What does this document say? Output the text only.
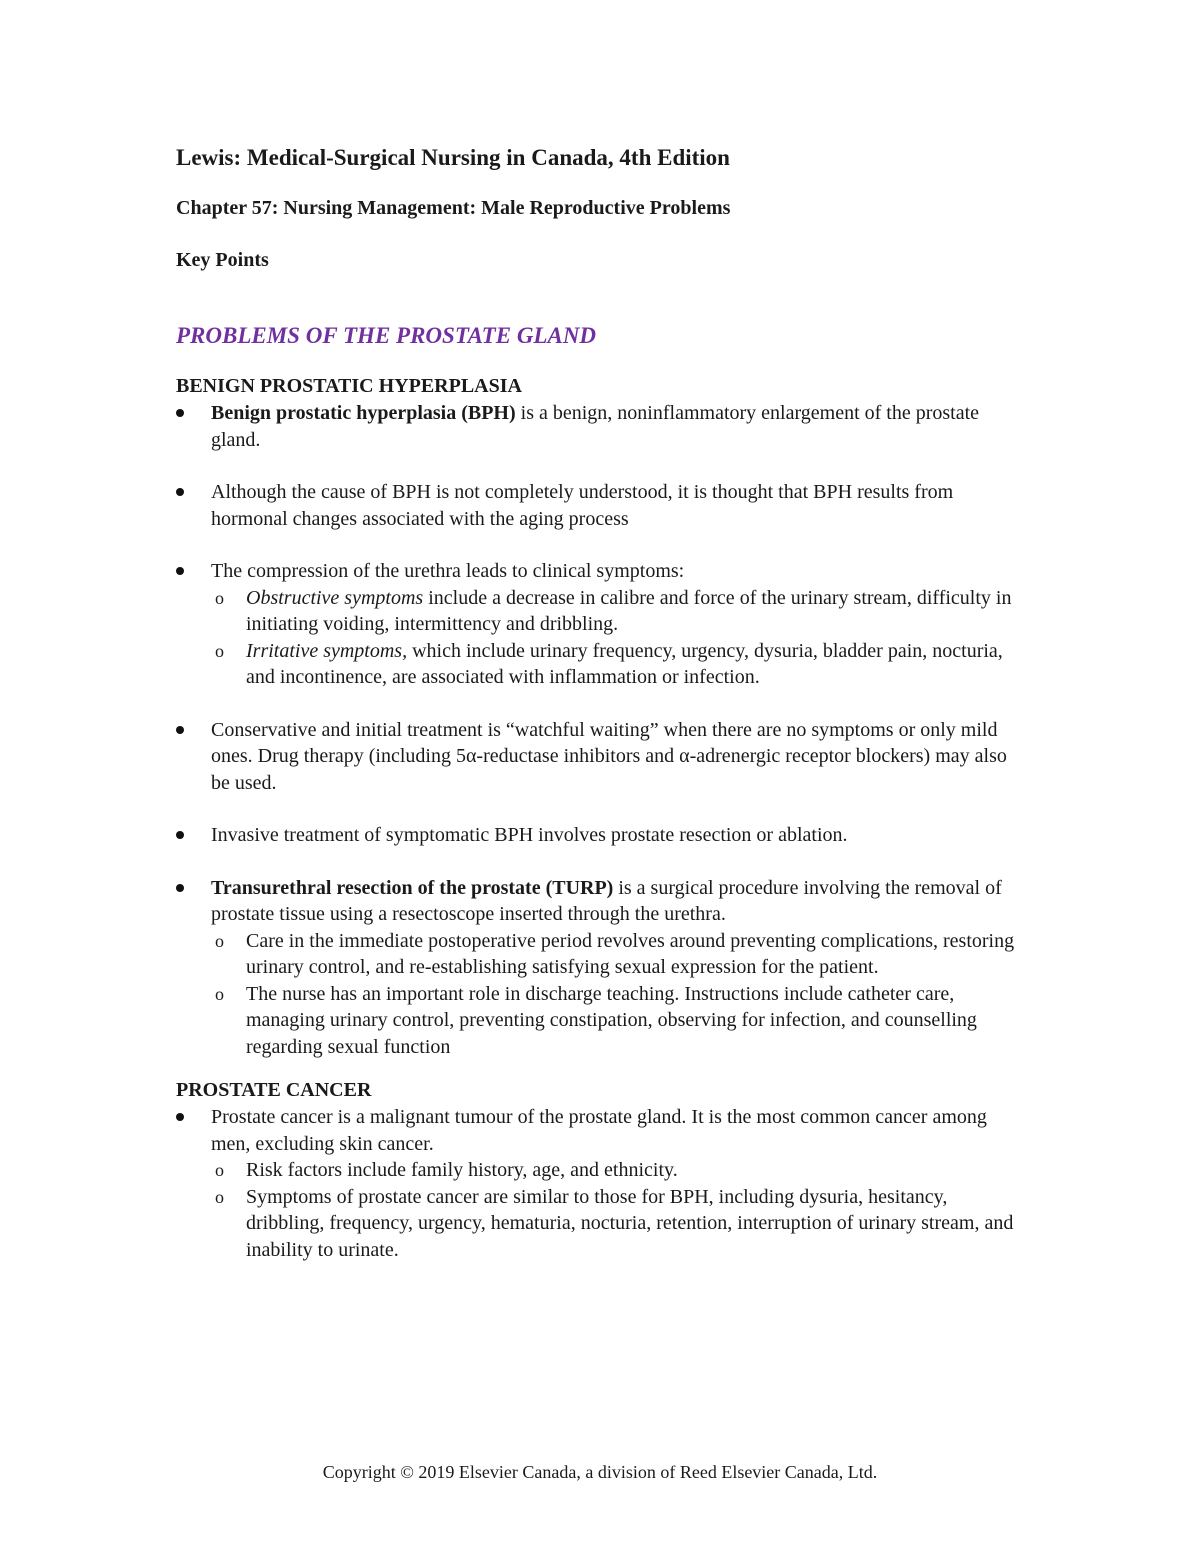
Lewis: Medical-Surgical Nursing in Canada, 4th Edition
Chapter 57: Nursing Management: Male Reproductive Problems
Key Points
PROBLEMS OF THE PROSTATE GLAND
BENIGN PROSTATIC HYPERPLASIA
Benign prostatic hyperplasia (BPH) is a benign, noninflammatory enlargement of the prostate gland.
Although the cause of BPH is not completely understood, it is thought that BPH results from hormonal changes associated with the aging process
The compression of the urethra leads to clinical symptoms:
o Obstructive symptoms include a decrease in calibre and force of the urinary stream, difficulty in initiating voiding, intermittency and dribbling.
o Irritative symptoms, which include urinary frequency, urgency, dysuria, bladder pain, nocturia, and incontinence, are associated with inflammation or infection.
Conservative and initial treatment is “watchful waiting” when there are no symptoms or only mild ones. Drug therapy (including 5α-reductase inhibitors and α-adrenergic receptor blockers) may also be used.
Invasive treatment of symptomatic BPH involves prostate resection or ablation.
Transurethral resection of the prostate (TURP) is a surgical procedure involving the removal of prostate tissue using a resectoscope inserted through the urethra.
o Care in the immediate postoperative period revolves around preventing complications, restoring urinary control, and re-establishing satisfying sexual expression for the patient.
o The nurse has an important role in discharge teaching. Instructions include catheter care, managing urinary control, preventing constipation, observing for infection, and counselling regarding sexual function
PROSTATE CANCER
Prostate cancer is a malignant tumour of the prostate gland. It is the most common cancer among men, excluding skin cancer.
o Risk factors include family history, age, and ethnicity.
o Symptoms of prostate cancer are similar to those for BPH, including dysuria, hesitancy, dribbling, frequency, urgency, hematuria, nocturia, retention, interruption of urinary stream, and inability to urinate.
Copyright © 2019 Elsevier Canada, a division of Reed Elsevier Canada, Ltd.
